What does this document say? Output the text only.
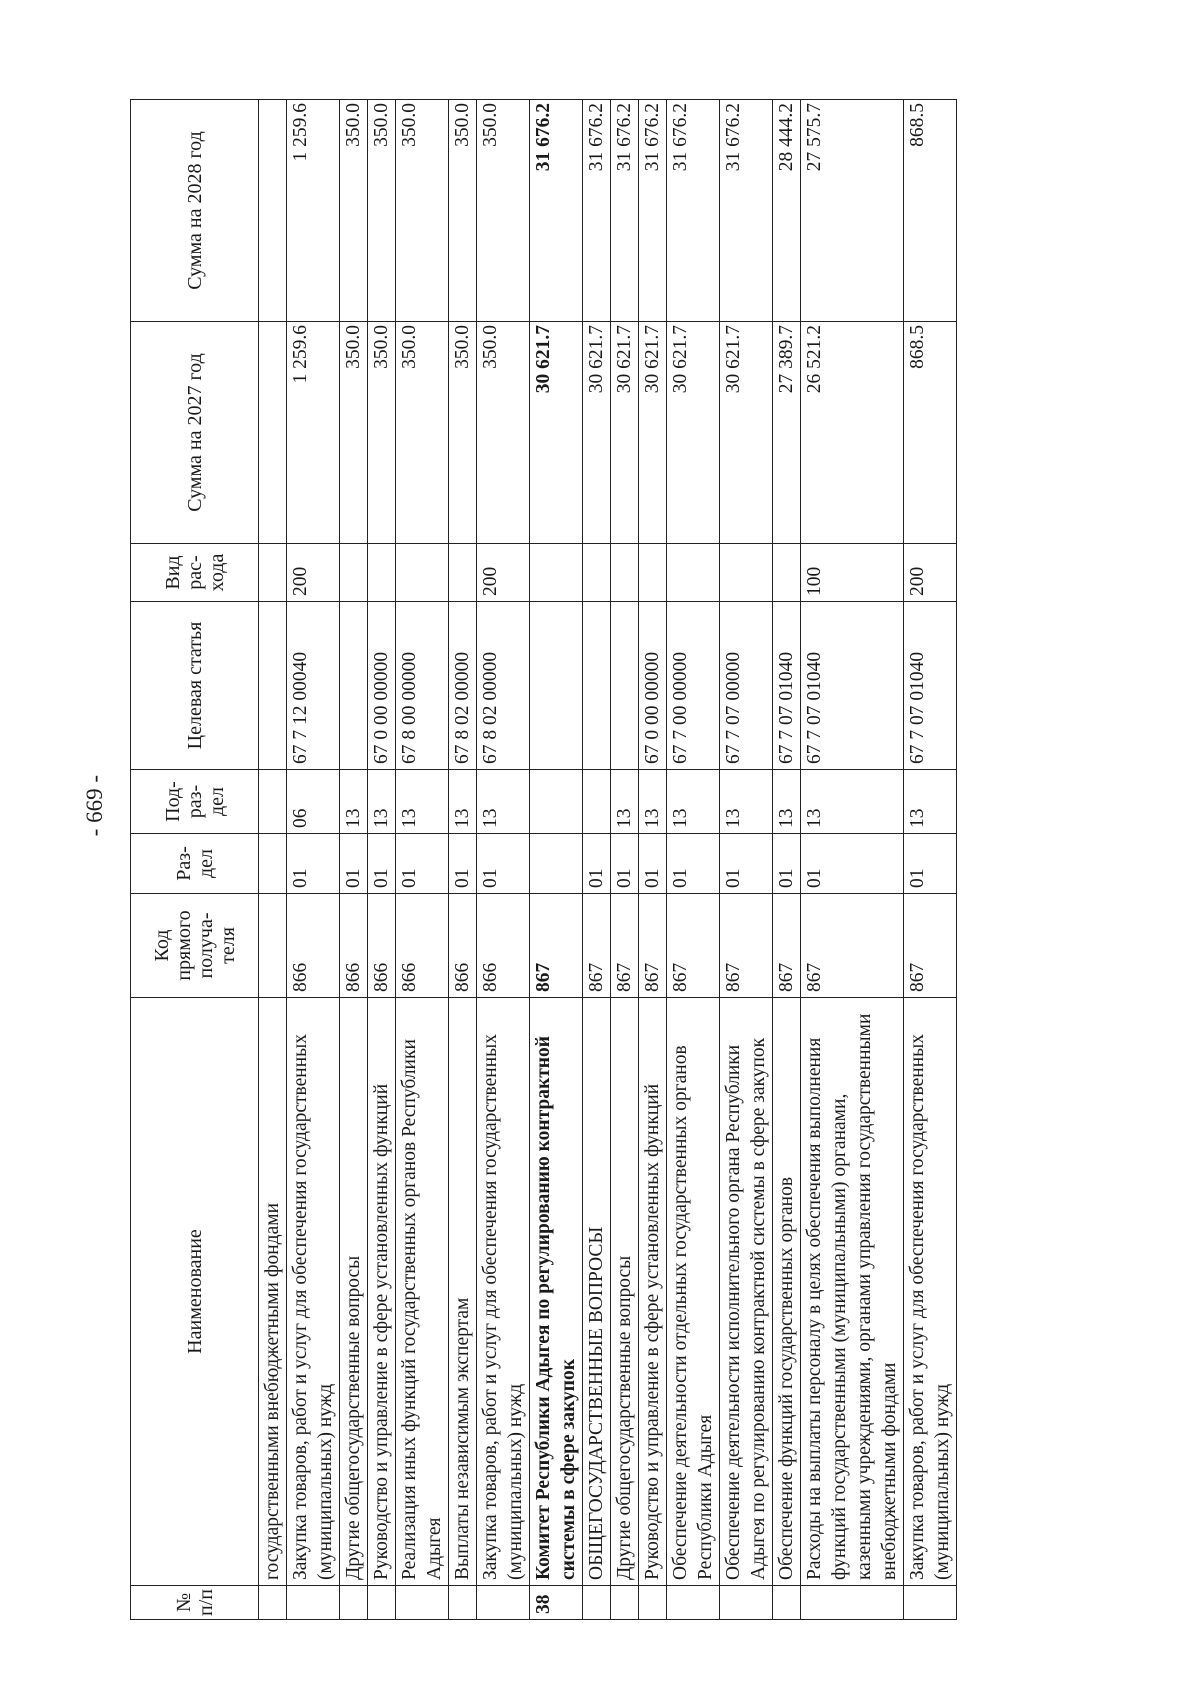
- 669 -
№ п/п	Наименование	Код прямого получа-теля	Раз-дел	Под-раз-дел	Целевая статья	Вид рас-хода	Сумма на 2027 год	Сумма на 2028 год
	государственными внебюджетными фондами							
	Закупка товаров, работ и услуг для обеспечения государственных (муниципальных) нужд	866	01	06	67 7 12 00040	200	1 259.6	1 259.6
	Другие общегосударственные вопросы	866	01	13			350.0	350.0
	Руководство и управление в сфере установленных функций	866	01	13	67 0 00 00000		350.0	350.0
	Реализация иных функций государственных органов Республики Адыгея	866	01	13	67 8 00 00000		350.0	350.0
	Выплаты независимым экспертам	866	01	13	67 8 02 00000		350.0	350.0
	Закупка товаров, работ и услуг для обеспечения государственных (муниципальных) нужд	866	01	13	67 8 02 00000	200	350.0	350.0
38	Комитет Республики Адыгея по регулированию контрактной системы в сфере закупок	867					30 621.7	31 676.2
	ОБЩЕГОСУДАРСТВЕННЫЕ ВОПРОСЫ	867	01				30 621.7	31 676.2
	Другие общегосударственные вопросы	867	01	13			30 621.7	31 676.2
	Руководство и управление в сфере установленных функций	867	01	13	67 0 00 00000		30 621.7	31 676.2
	Обеспечение деятельности отдельных государственных органов Республики Адыгея	867	01	13	67 7 00 00000		30 621.7	31 676.2
	Обеспечение деятельности исполнительного органа Республики Адыгея по регулированию контрактной системы в сфере закупок	867	01	13	67 7 07 00000		30 621.7	31 676.2
	Обеспечение функций государственных органов	867	01	13	67 7 07 01040		27 389.7	28 444.2
	Расходы на выплаты персоналу в целях обеспечения выполнения функций государственными (муниципальными) органами, казенными учреждениями, органами управления государственными внебюджетными фондами	867	01	13	67 7 07 01040	100	26 521.2	27 575.7
	Закупка товаров, работ и услуг для обеспечения государственных (муниципальных) нужд	867	01	13	67 7 07 01040	200	868.5	868.5
